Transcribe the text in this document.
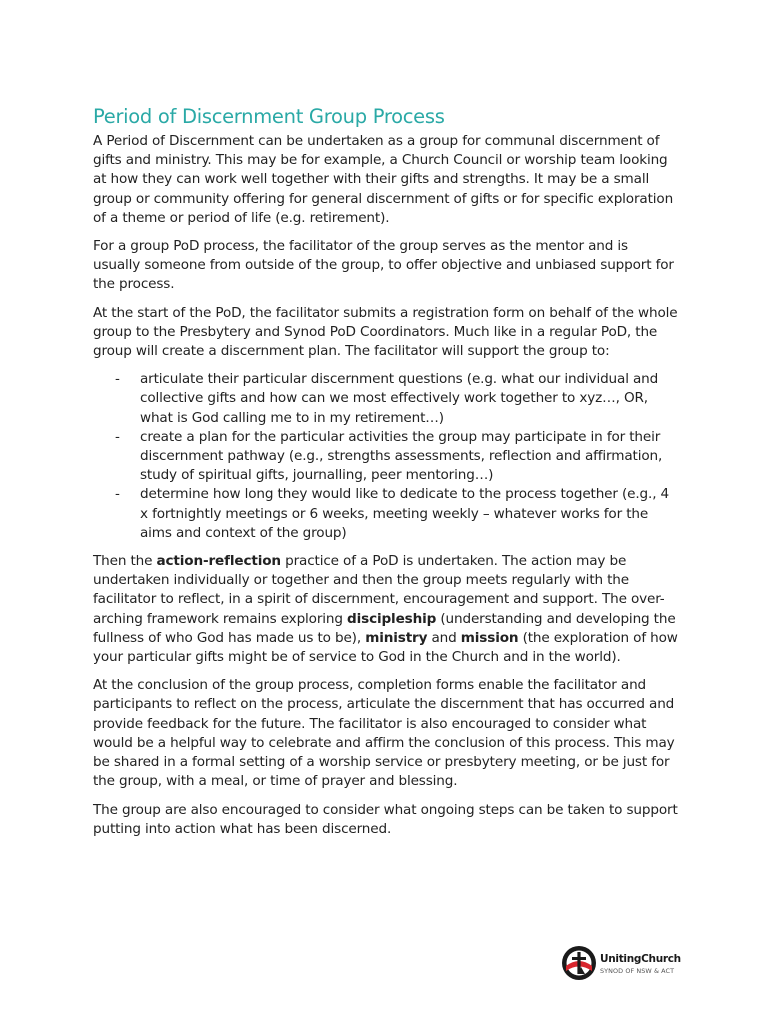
Period of Discernment Group Process

A Period of Discernment can be undertaken as a group for communal discernment of gifts and ministry. This may be for example, a Church Council or worship team looking at how they can work well together with their gifts and strengths. It may be a small group or community offering for general discernment of gifts or for specific exploration of a theme or period of life (e.g. retirement).

For a group PoD process, the facilitator of the group serves as the mentor and is usually someone from outside of the group, to offer objective and unbiased support for the process.

At the start of the PoD, the facilitator submits a registration form on behalf of the whole group to the Presbytery and Synod PoD Coordinators. Much like in a regular PoD, the group will create a discernment plan. The facilitator will support the group to:

- articulate their particular discernment questions (e.g. what our individual and collective gifts and how can we most effectively work together to xyz…, OR, what is God calling me to in my retirement…)
- create a plan for the particular activities the group may participate in for their discernment pathway (e.g., strengths assessments, reflection and affirmation, study of spiritual gifts, journalling, peer mentoring…)
- determine how long they would like to dedicate to the process together (e.g., 4 x fortnightly meetings or 6 weeks, meeting weekly – whatever works for the aims and context of the group)

Then the action-reflection practice of a PoD is undertaken. The action may be undertaken individually or together and then the group meets regularly with the facilitator to reflect, in a spirit of discernment, encouragement and support. The over-arching framework remains exploring discipleship (understanding and developing the fullness of who God has made us to be), ministry and mission (the exploration of how your particular gifts might be of service to God in the Church and in the world).

At the conclusion of the group process, completion forms enable the facilitator and participants to reflect on the process, articulate the discernment that has occurred and provide feedback for the future. The facilitator is also encouraged to consider what would be a helpful way to celebrate and affirm the conclusion of this process. This may be shared in a formal setting of a worship service or presbytery meeting, or be just for the group, with a meal, or time of prayer and blessing.

The group are also encouraged to consider what ongoing steps can be taken to support putting into action what has been discerned.

UnitingChurch
SYNOD OF NSW & ACT
